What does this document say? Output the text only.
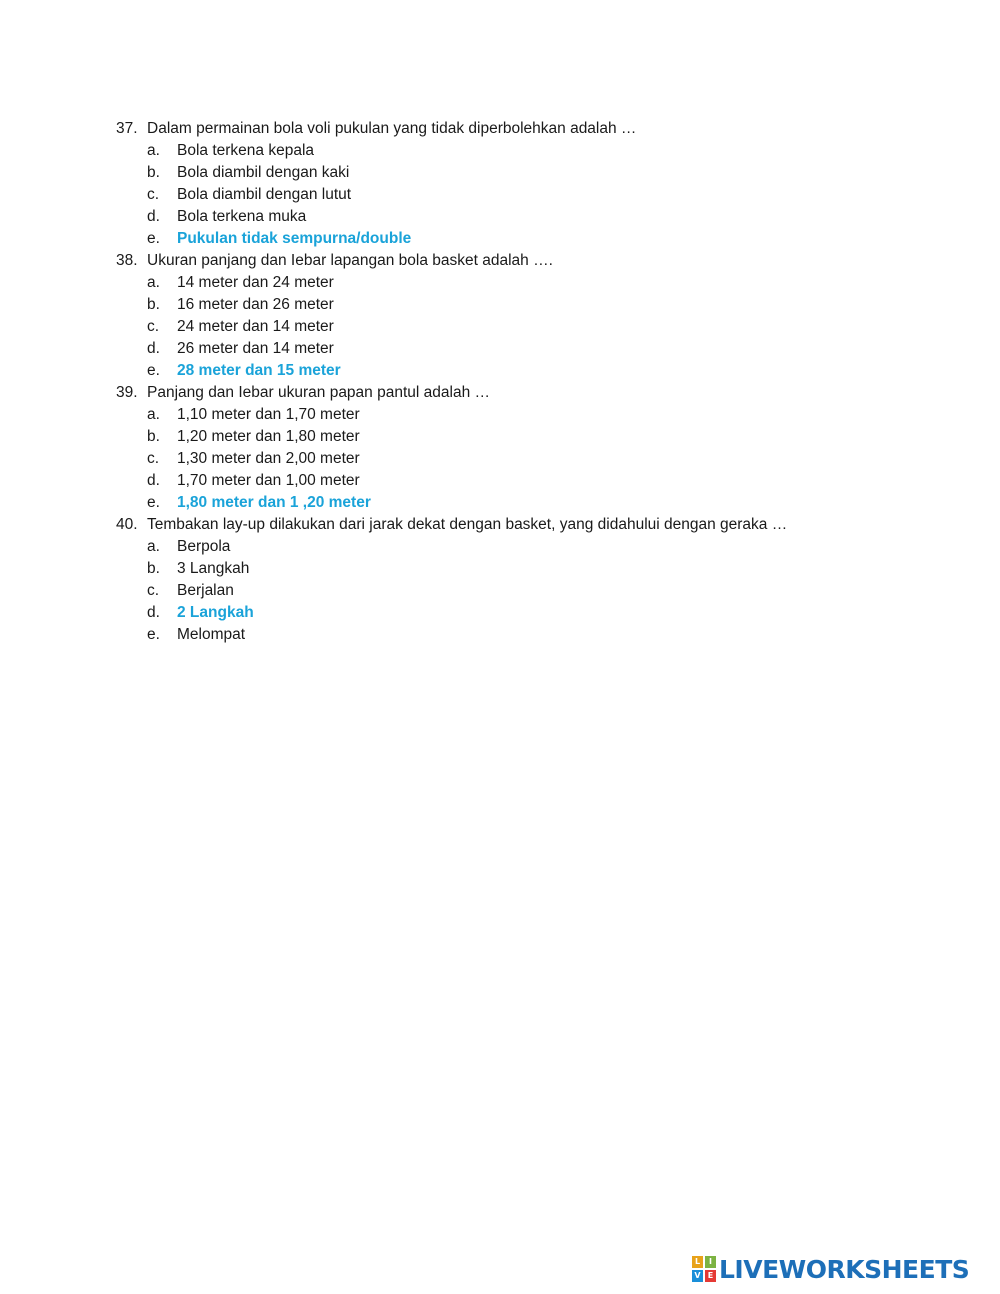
37. Dalam permainan bola voli pukulan yang tidak diperbolehkan adalah …
a.	Bola terkena kepala
b.	Bola diambil dengan kaki
c.	Bola diambil dengan lutut
d.	Bola terkena muka
e.	Pukulan tidak sempurna/double
38. Ukuran panjang dan Iebar lapangan bola basket adalah ….
a.	14 meter dan 24 meter
b.	16 meter dan 26 meter
c.	24 meter dan 14 meter
d.	26 meter dan 14 meter
e.	28 meter dan 15 meter
39. Panjang dan Iebar ukuran papan pantul adalah …
a.	1,10 meter dan 1,70 meter
b.	1,20 meter dan 1,80 meter
c.	1,30 meter dan 2,00 meter
d.	1,70 meter dan 1,00 meter
e.	1,80 meter dan 1 ,20 meter
40. Tembakan lay-up dilakukan dari jarak dekat dengan basket, yang didahului dengan geraka …
a.	Berpola
b.	3 Langkah
c.	Berjalan
d.	2 Langkah
e.	Melompat
L	I
V E LIVEWORKSHEETS
